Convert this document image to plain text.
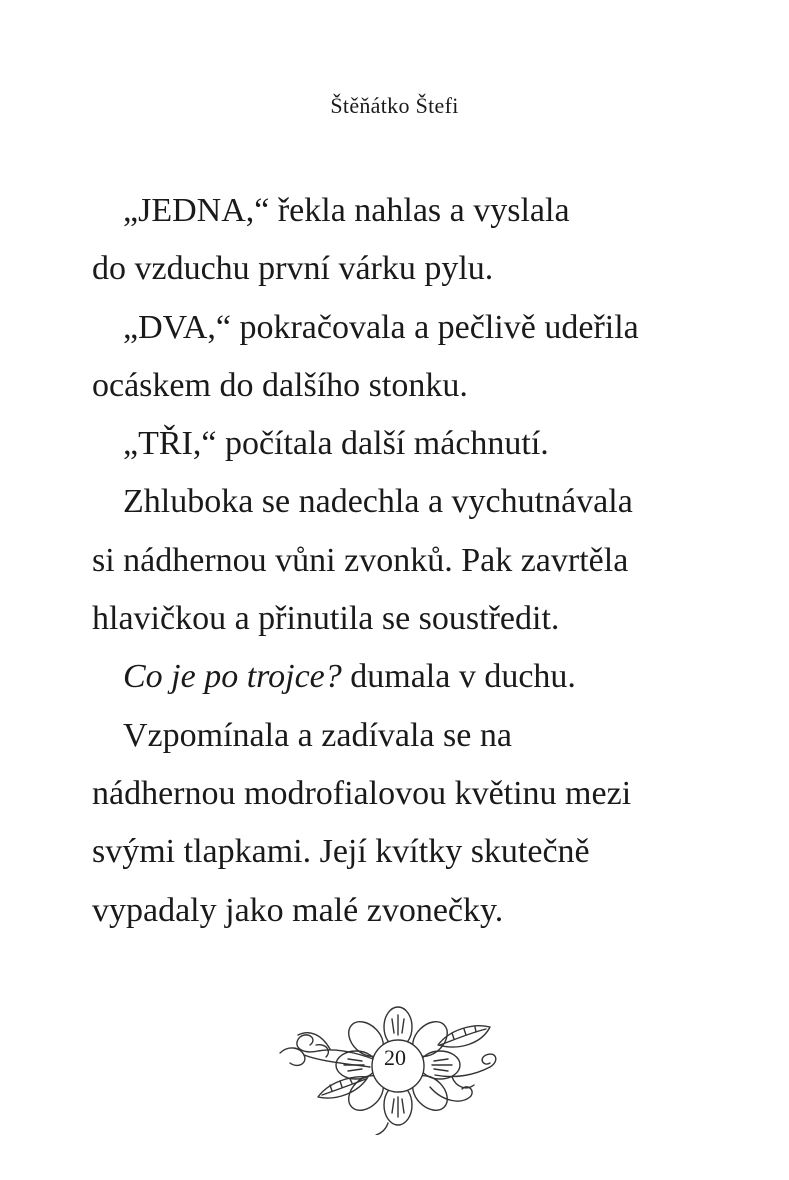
Štěňátko Štefi
„JEDNA,“ řekla nahlas a vyslala
do vzduchu první várku pylu.
„DVA,“ pokračovala a pečlivě udeřila
ocáskem do dalšího stonku.
„TŘI,“ počítala další máchnutí.
Zhluboka se nadechla a vychutnávala
si nádhernou vůni zvonků. Pak zavrtěla
hlavičkou a přinutila se soustředit.
Co je po trojce? dumala v duchu.
Vzpomínala a zadívala se na
nádhernou modrofialovou květinu mezi
svými tlapkami. Její kvítky skutečně
vypadaly jako malé zvonečky.
20
